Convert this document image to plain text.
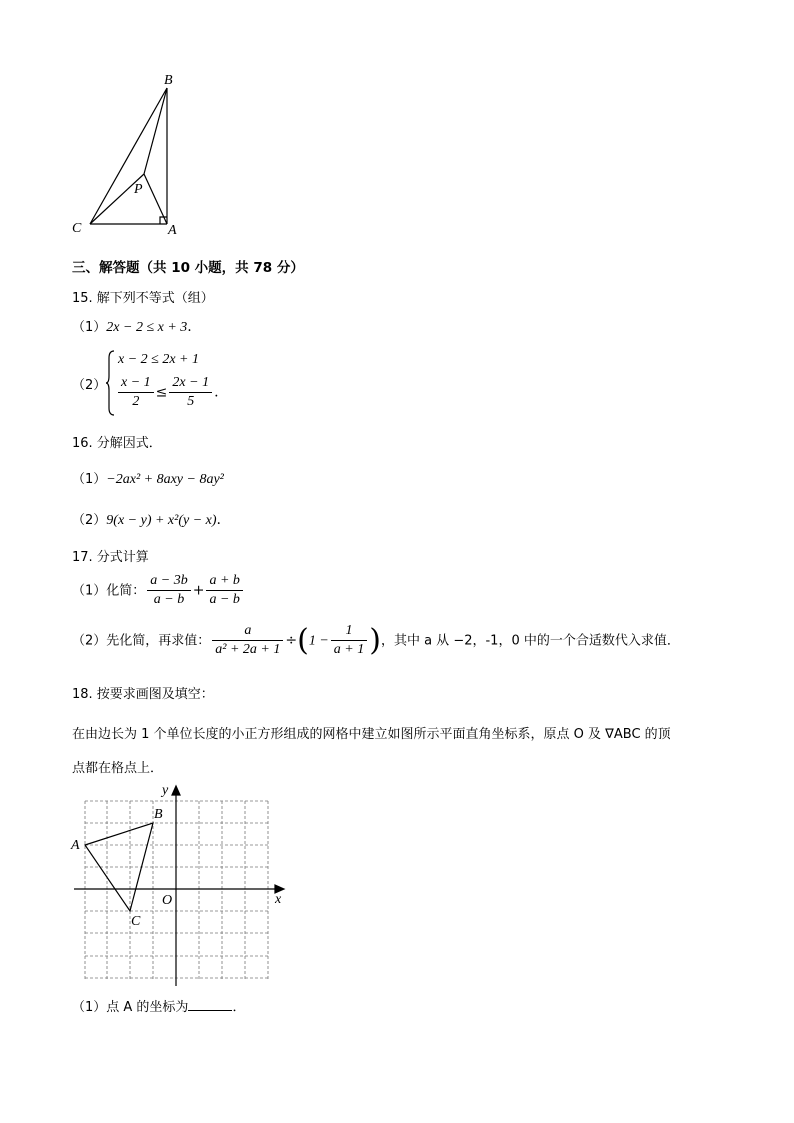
B
P
C	A
三、解答题（共 10 小题，共 78 分）
15. 解下列不等式（组）
（1）2x − 2 ≤ x + 3.
（2）
x − 2 ≤ 2x + 1
$\frac{x - 1}{2} \le \frac{2x - 1}{5}$ .
16. 分解因式．
（1）−2ax² + 8axy − 8ay²
（2）9(x − y) + x²(y − x).
17. 分式计算
（1）化简： $\frac{a - 3b}{a - b} + \frac{a + b}{a - b}$
（2）先化简，再求值： $\frac{a}{\text{a² + 2a + 1}} \div(1 - \frac{1}{a + 1}$ )，其中 a 从 −2，-1，0 中的一个合适数代入求值．
18. 按要求画图及填空：
在由边长为 1 个单位长度的小正方形组成的网格中建立如图所示平面直角坐标系，原点 O 及 ∇ABC 的顶
点都在格点上．
y
x
O
A
B
C
（1）点 A 的坐标为	．
